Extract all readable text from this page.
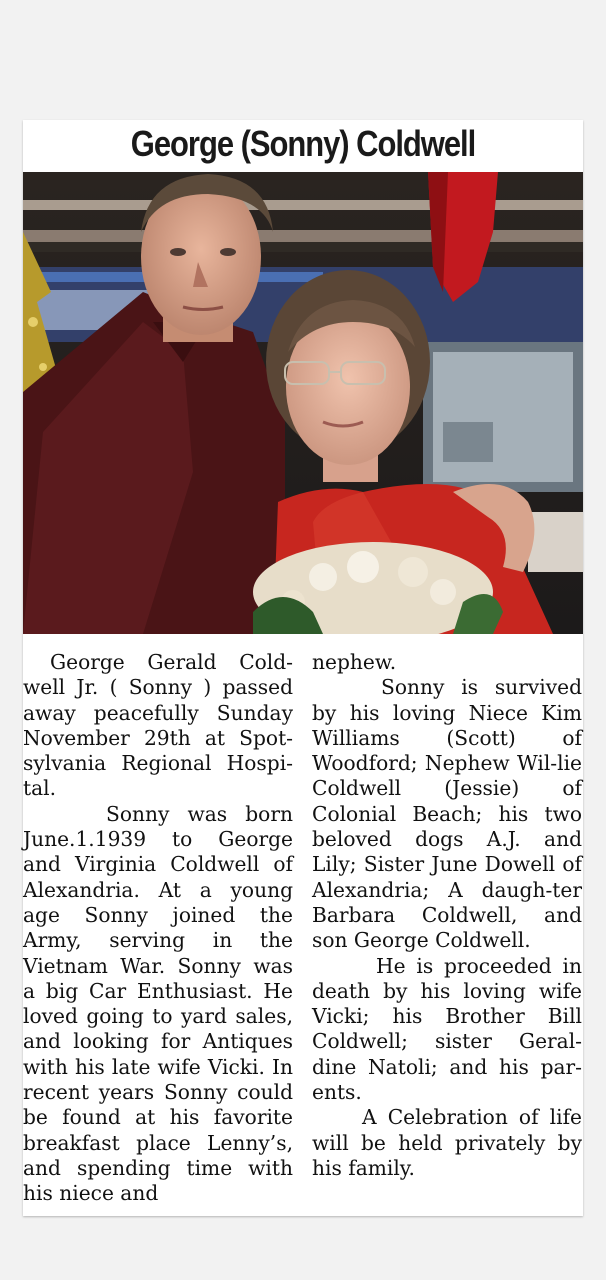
George (Sonny) Coldwell

George Gerald Cold-well Jr. ( Sonny ) passed away peacefully Sunday November 29th at Spot-sylvania Regional Hospi-tal.

Sonny was born June.1.1939 to George and Virginia Coldwell of Alexandria. At a young age Sonny joined the Army, serving in the Vietnam War. Sonny was a big Car Enthusiast. He loved going to yard sales, and looking for Antiques with his late wife Vicki. In recent years Sonny could be found at his favorite breakfast place Lenny’s, and spending time with his niece and

nephew.

Sonny is survived by his loving Niece Kim Williams (Scott) of Woodford; Nephew Wil-lie Coldwell (Jessie) of Colonial Beach; his two beloved dogs A.J. and Lily; Sister June Dowell of Alexandria; A daugh-ter Barbara Coldwell, and son George Coldwell.

He is proceeded in death by his loving wife Vicki; his Brother Bill Coldwell; sister Geral-dine Natoli; and his par-ents.

A Celebration of life will be held privately by his family.
